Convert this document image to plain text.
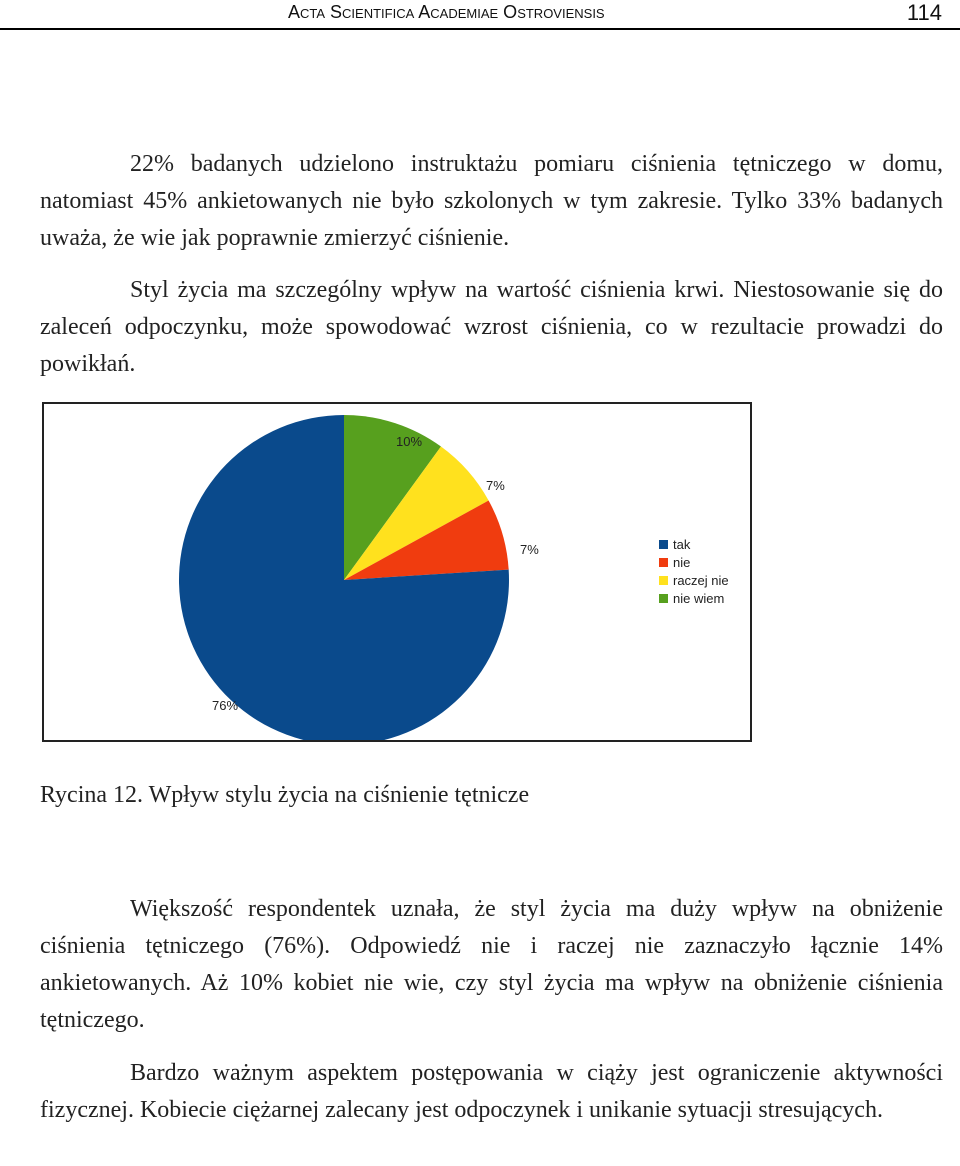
Acta Scientifica Academiae Ostroviensis	114

22% badanych udzielono instruktażu pomiaru ciśnienia tętniczego w domu, natomiast 45% ankietowanych nie było szkolonych w tym zakresie. Tylko 33% badanych uważa, że wie jak poprawnie zmierzyć ciśnienie.

Styl życia ma szczególny wpływ na wartość ciśnienia krwi. Niestosowanie się do zaleceń odpoczynku, może spowodować wzrost ciśnienia, co w rezultacie prowadzi do powikłań.

10%
7%
7%
76%
tak
nie
raczej nie
nie wiem
Rycina 12. Wpływ stylu życia na ciśnienie tętnicze

Większość respondentek uznała, że styl życia ma duży wpływ na obniżenie ciśnienia tętniczego (76%). Odpowiedź nie i raczej nie zaznaczyło łącznie 14% ankietowanych. Aż 10% kobiet nie wie, czy styl życia ma wpływ na obniżenie ciśnienia tętniczego.

Bardzo ważnym aspektem postępowania w ciąży jest ograniczenie aktywności fizycznej. Kobiecie ciężarnej zalecany jest odpoczynek i unikanie sytuacji stresujących.
